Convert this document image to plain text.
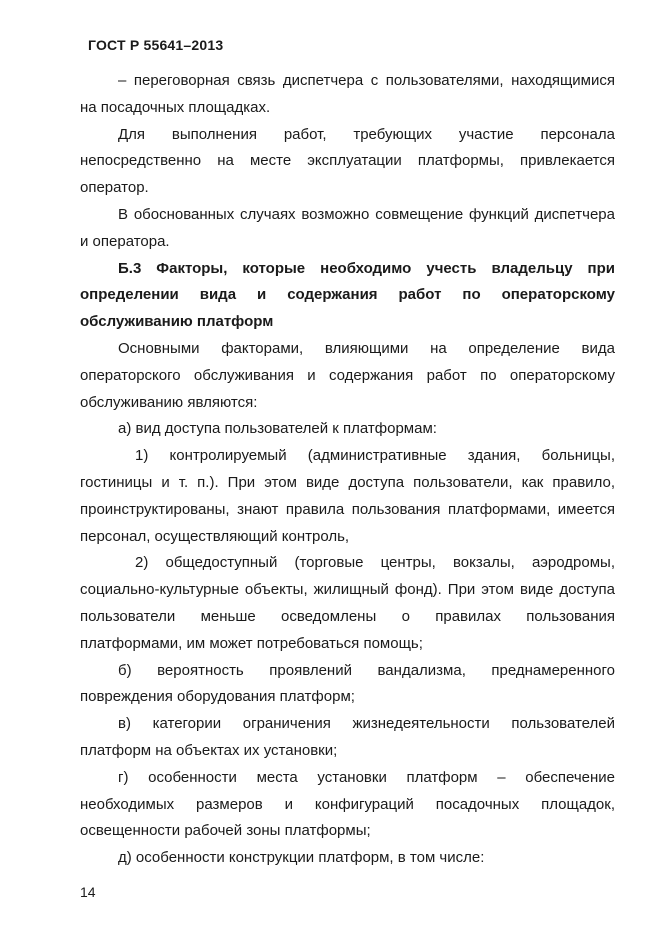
ГОСТ Р 55641–2013

– переговорная связь диспетчера с пользователями, находящимися на посадочных площадках.

Для выполнения работ, требующих участие персонала непосредственно на месте эксплуатации платформы, привлекается оператор.

В обоснованных случаях возможно совмещение функций диспетчера и оператора.

Б.3 Факторы, которые необходимо учесть владельцу при определении вида и содержания работ по операторскому обслуживанию платформ

Основными факторами, влияющими на определение вида операторского обслуживания и содержания работ по операторскому обслуживанию являются:

а) вид доступа пользователей к платформам:

1) контролируемый (административные здания, больницы, гостиницы и т. п.). При этом виде доступа пользователи, как правило, проинструктированы, знают правила пользования платформами, имеется персонал, осуществляющий контроль,

2) общедоступный (торговые центры, вокзалы, аэродромы, социально-культурные объекты, жилищный фонд). При этом виде доступа пользователи меньше осведомлены о правилах пользования платформами, им может потребоваться помощь;

б) вероятность проявлений вандализма, преднамеренного повреждения оборудования платформ;

в) категории ограничения жизнедеятельности пользователей платформ на объектах их установки;

г) особенности места установки платформ – обеспечение необходимых размеров и конфигураций посадочных площадок, освещенности рабочей зоны платформы;

д) особенности конструкции платформ, в том числе:

14
